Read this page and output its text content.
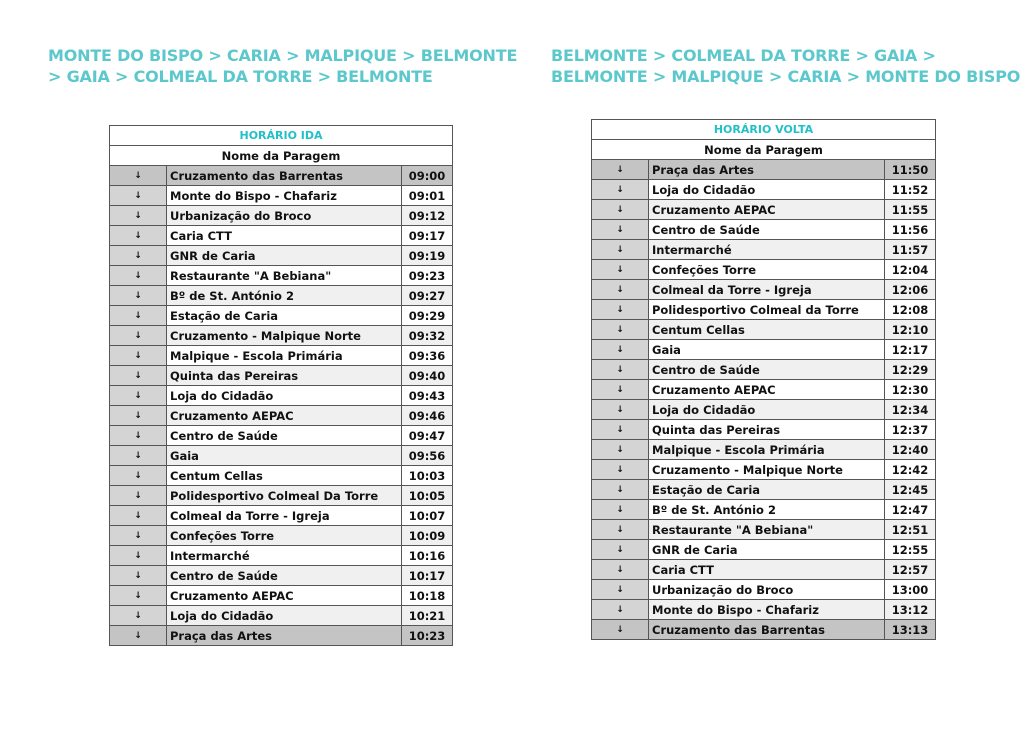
MONTE DO BISPO > CARIA > MALPIQUE > BELMONTE > GAIA > COLMEAL DA TORRE > BELMONTE
BELMONTE > COLMEAL DA TORRE > GAIA > BELMONTE > MALPIQUE > CARIA > MONTE DO BISPO
HORÁRIO IDA		
Nome da Paragem		
↓	Cruzamento das Barrentas	09:00
↓	Monte do Bispo - Chafariz	09:01
↓	Urbanização do Broco	09:12
↓	Caria CTT	09:17
↓	GNR de Caria	09:19
↓	Restaurante "A Bebiana"	09:23
↓	Bº de St. António 2	09:27
↓	Estação de Caria	09:29
↓	Cruzamento - Malpique Norte	09:32
↓	Malpique - Escola Primária	09:36
↓	Quinta das Pereiras	09:40
↓	Loja do Cidadão	09:43
↓	Cruzamento AEPAC	09:46
↓	Centro de Saúde	09:47
↓	Gaia	09:56
↓	Centum Cellas	10:03
↓	Polidesportivo Colmeal Da Torre	10:05
↓	Colmeal da Torre - Igreja	10:07
↓	Confeções Torre	10:09
↓	Intermarché	10:16
↓	Centro de Saúde	10:17
↓	Cruzamento AEPAC	10:18
↓	Loja do Cidadão	10:21
↓	Praça das Artes	10:23
HORÁRIO VOLTA		
Nome da Paragem		
↓	Praça das Artes	11:50
↓	Loja do Cidadão	11:52
↓	Cruzamento AEPAC	11:55
↓	Centro de Saúde	11:56
↓	Intermarché	11:57
↓	Confeções Torre	12:04
↓	Colmeal da Torre - Igreja	12:06
↓	Polidesportivo Colmeal da Torre	12:08
↓	Centum Cellas	12:10
↓	Gaia	12:17
↓	Centro de Saúde	12:29
↓	Cruzamento AEPAC	12:30
↓	Loja do Cidadão	12:34
↓	Quinta das Pereiras	12:37
↓	Malpique - Escola Primária	12:40
↓	Cruzamento - Malpique Norte	12:42
↓	Estação de Caria	12:45
↓	Bº de St. António 2	12:47
↓	Restaurante "A Bebiana"	12:51
↓	GNR de Caria	12:55
↓	Caria CTT	12:57
↓	Urbanização do Broco	13:00
↓	Monte do Bispo - Chafariz	13:12
↓	Cruzamento das Barrentas	13:13
